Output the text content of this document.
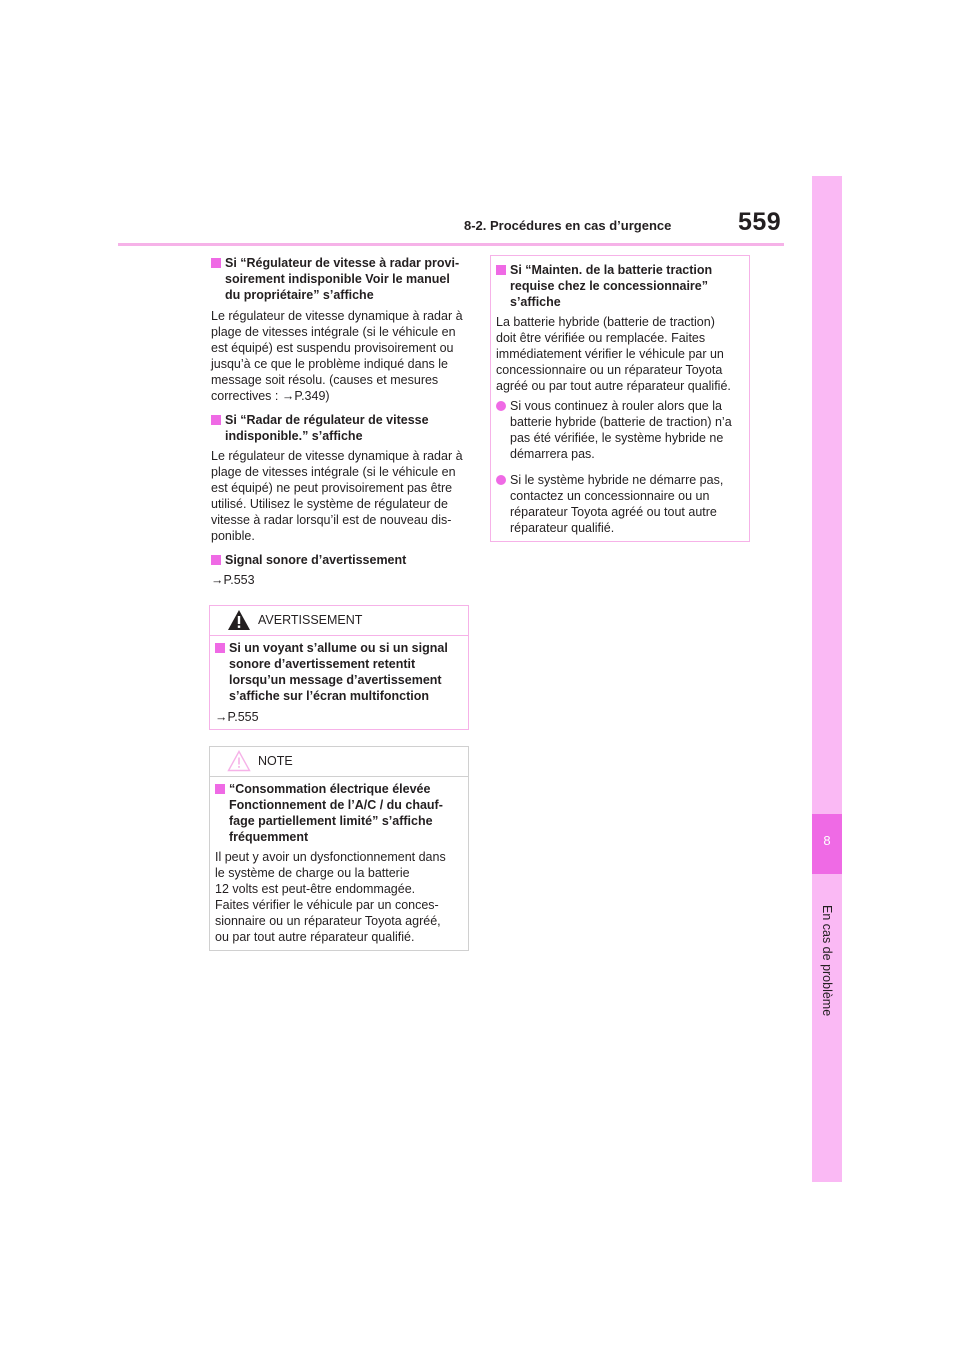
8-2. Procédures en cas d’urgence	559
8
En cas de problème
Si “Régulateur de vitesse à radar provi-
soirement indisponible Voir le manuel
du propriétaire” s’affiche
Le régulateur de vitesse dynamique à radar à
plage de vitesses intégrale (si le véhicule en
est équipé) est suspendu provisoirement ou
jusqu’à ce que le problème indiqué dans le
message soit résolu. (causes et mesures
correctives : →P.349)
Si “Radar de régulateur de vitesse
indisponible.” s’affiche
Le régulateur de vitesse dynamique à radar à
plage de vitesses intégrale (si le véhicule en
est équipé) ne peut provisoirement pas être
utilisé. Utilisez le système de régulateur de
vitesse à radar lorsqu’il est de nouveau dis-
ponible.
Signal sonore d’avertissement
→P.553
AVERTISSEMENT
Si un voyant s’allume ou si un signal
sonore d’avertissement retentit
lorsqu’un message d’avertissement
s’affiche sur l’écran multifonction
→P.555
NOTE
“Consommation électrique élevée
Fonctionnement de l’A/C / du chauf-
fage partiellement limité” s’affiche
fréquemment
Il peut y avoir un dysfonctionnement dans
le système de charge ou la batterie
12 volts est peut-être endommagée.
Faites vérifier le véhicule par un conces-
sionnaire ou un réparateur Toyota agréé,
ou par tout autre réparateur qualifié.
Si “Mainten. de la batterie traction
requise chez le concessionnaire”
s’affiche
La batterie hybride (batterie de traction)
doit être vérifiée ou remplacée. Faites
immédiatement vérifier le véhicule par un
concessionnaire ou un réparateur Toyota
agréé ou par tout autre réparateur qualifié.
Si vous continuez à rouler alors que la
batterie hybride (batterie de traction) n’a
pas été vérifiée, le système hybride ne
démarrera pas.
Si le système hybride ne démarre pas,
contactez un concessionnaire ou un
réparateur Toyota agréé ou tout autre
réparateur qualifié.
